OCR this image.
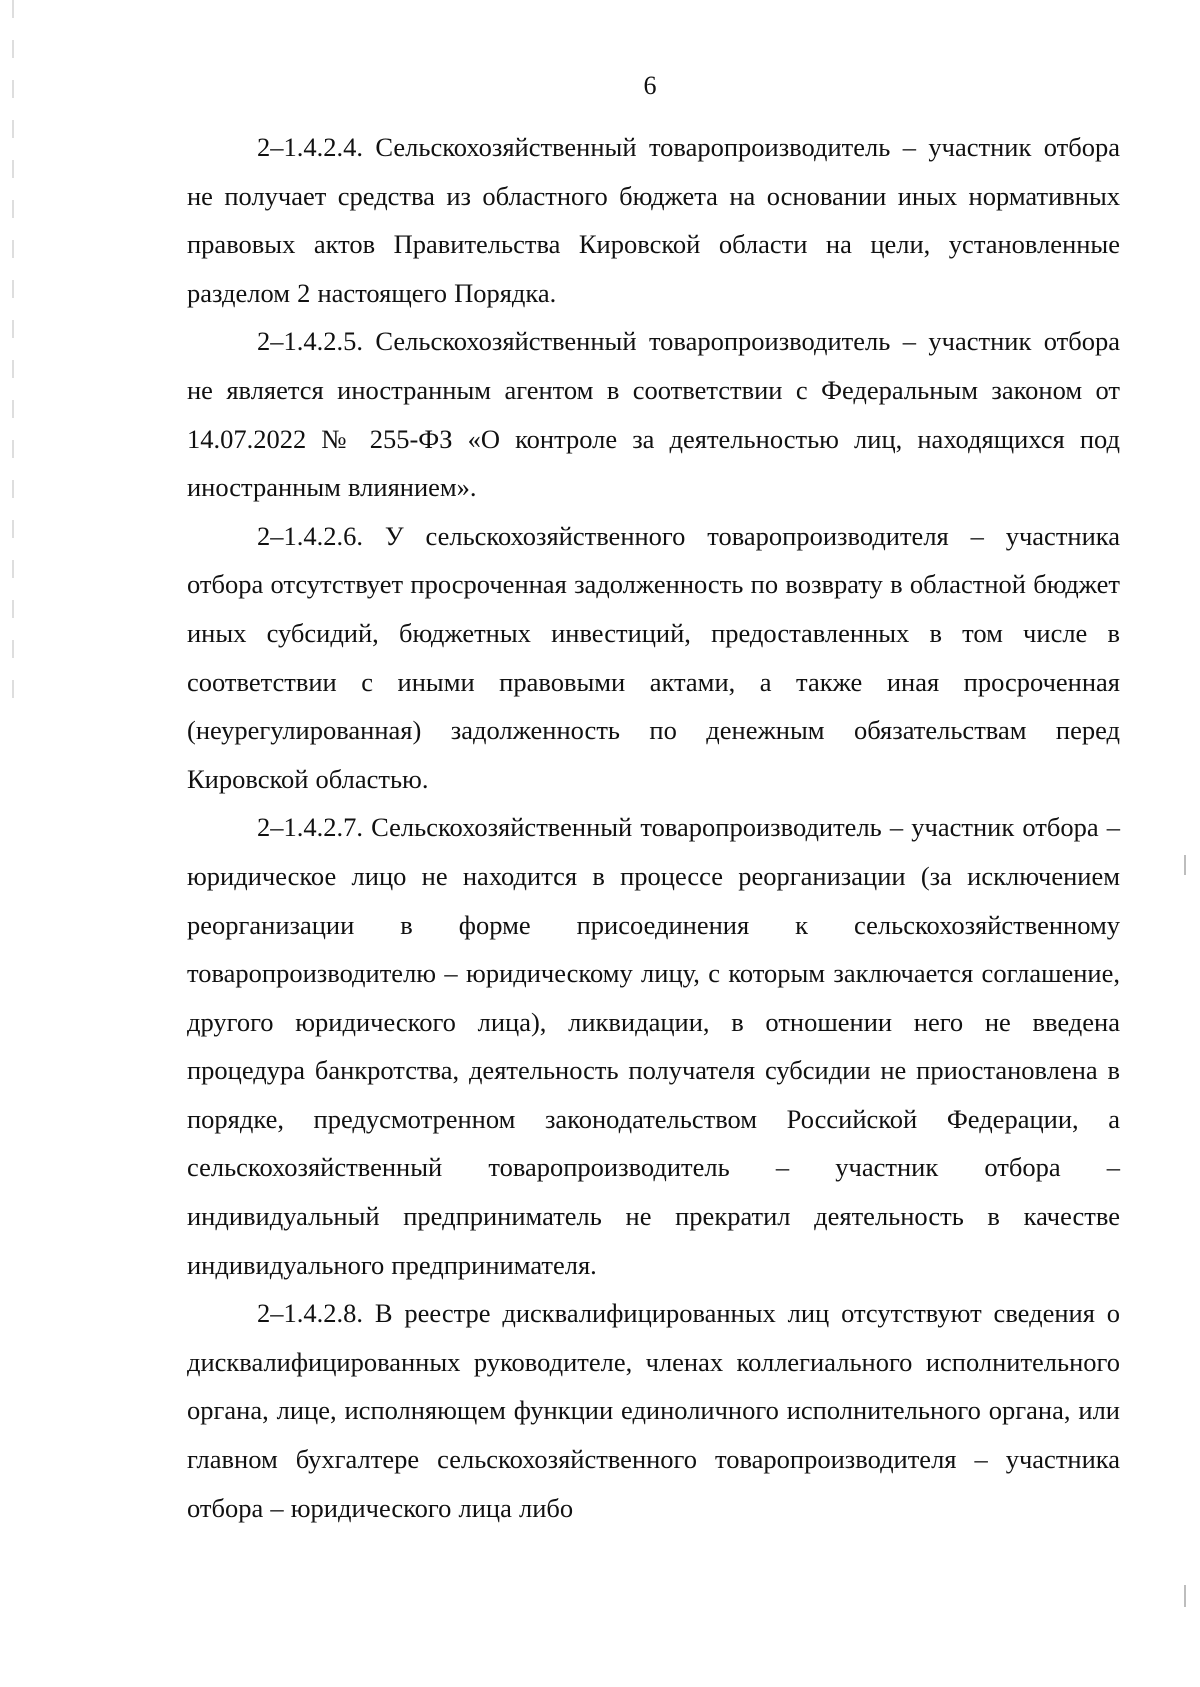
6

2–1.4.2.4. Сельскохозяйственный товаропроизводитель – участник отбора не получает средства из областного бюджета на основании иных нормативных правовых актов Правительства Кировской области на цели, установленные разделом 2 настоящего Порядка.

2–1.4.2.5. Сельскохозяйственный товаропроизводитель – участник отбора не является иностранным агентом в соответствии с Федеральным законом от 14.07.2022 № 255-ФЗ «О контроле за деятельностью лиц, находящихся под иностранным влиянием».

2–1.4.2.6. У сельскохозяйственного товаропроизводителя – участника отбора отсутствует просроченная задолженность по возврату в областной бюджет иных субсидий, бюджетных инвестиций, предоставленных в том числе в соответствии с иными правовыми актами, а также иная просроченная (неурегулированная) задолженность по денежным обязательствам перед Кировской областью.

2–1.4.2.7. Сельскохозяйственный товаропроизводитель – участник отбора – юридическое лицо не находится в процессе реорганизации (за исключением реорганизации в форме присоединения к сельскохозяйственному товаропроизводителю – юридическому лицу, с которым заключается соглашение, другого юридического лица), ликвидации, в отношении него не введена процедура банкротства, деятельность получателя субсидии не приостановлена в порядке, предусмотренном законодательством Российской Федерации, а сельскохозяйственный товаропроизводитель – участник отбора – индивидуальный предприниматель не прекратил деятельность в качестве индивидуального предпринимателя.

2–1.4.2.8. В реестре дисквалифицированных лиц отсутствуют сведения о дисквалифицированных руководителе, членах коллегиального исполнительного органа, лице, исполняющем функции единоличного исполнительного органа, или главном бухгалтере сельскохозяйственного товаропроизводителя – участника отбора – юридического лица либо
